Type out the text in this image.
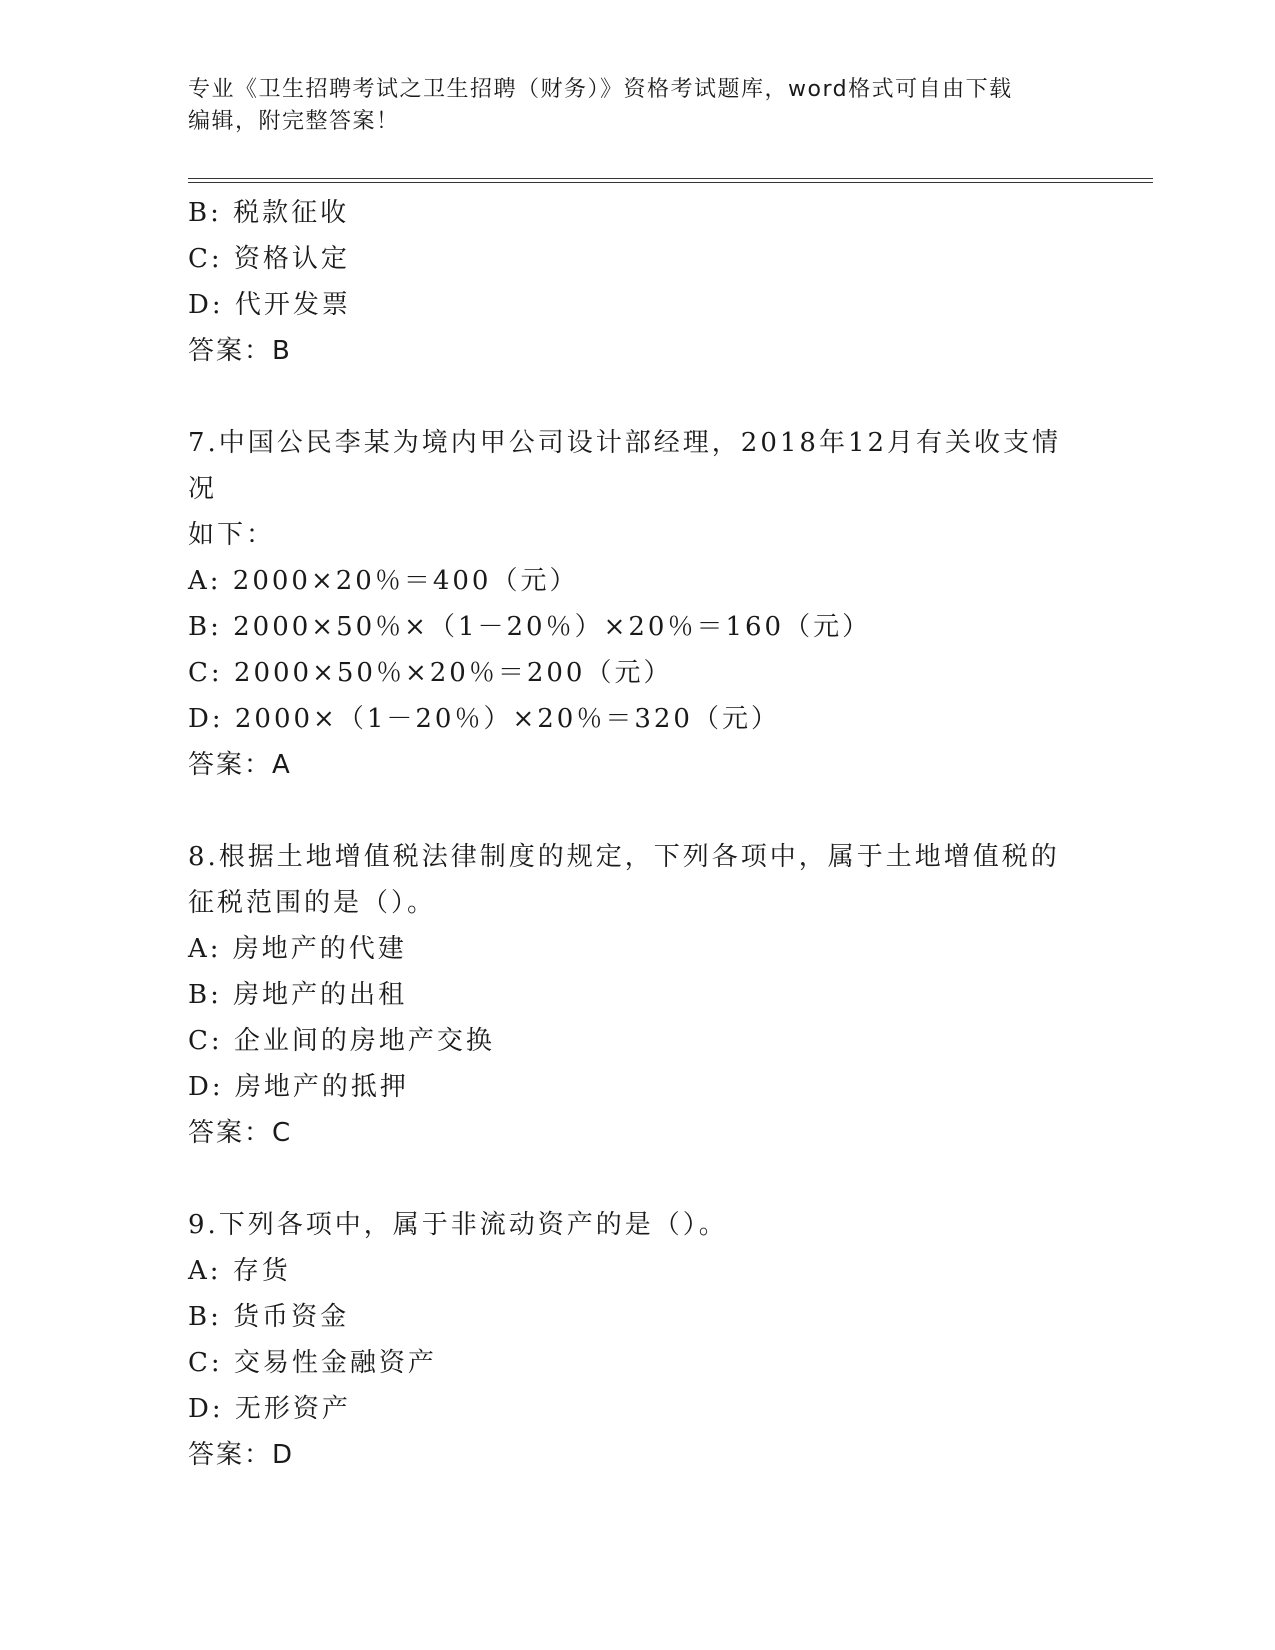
专业《卫生招聘考试之卫生招聘（财务）》资格考试题库，word格式可自由下载
编辑，附完整答案！

B: 税款征收

C: 资格认定

D: 代开发票

答案：B

7.中国公民李某为境内甲公司设计部经理，2018年12月有关收支情况

如下：

A: 2000×20％＝400（元）

B: 2000×50％×（1－20％）×20％＝160（元）

C: 2000×50％×20％＝200（元）

D: 2000×（1－20％）×20％＝320（元）

答案：A

8.根据土地增值税法律制度的规定，下列各项中，属于土地增值税的

征税范围的是（）。

A: 房地产的代建

B: 房地产的出租

C: 企业间的房地产交换

D: 房地产的抵押

答案：C

9.下列各项中，属于非流动资产的是（）。

A: 存货

B: 货币资金

C: 交易性金融资产

D: 无形资产

答案：D
